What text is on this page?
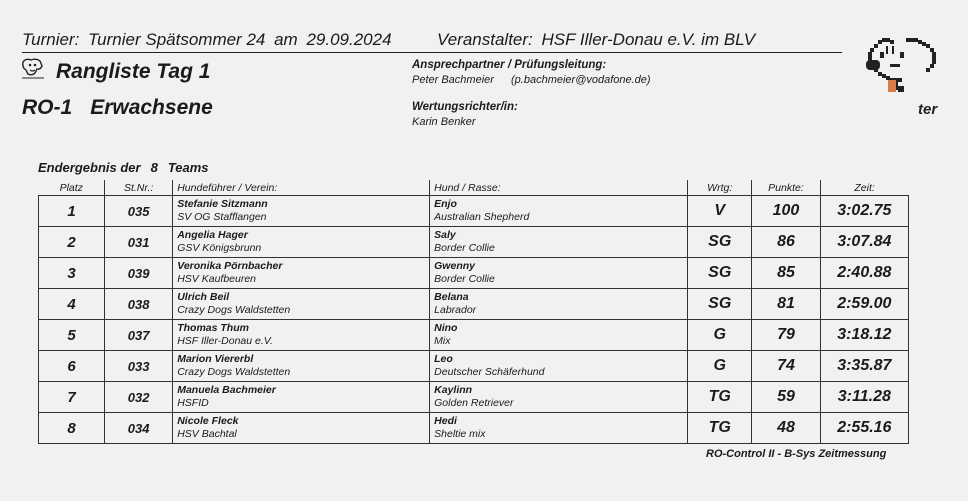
Turnier: Turnier Spätsommer 24 am 29.09.2024	Veranstalter: HSF Iller-Donau e.V. im BLV
Rangliste Tag 1
RO-1 Erwachsene
Ansprechpartner / Prüfungsleitung:
Peter Bachmeier (p.bachmeier@vodafone.de)
Wertungsrichter/in:
Karin Benker
ter
Endergebnis der 8 Teams
Platz	St.Nr.:	Hundeführer / Verein:	Hund / Rasse:	Wrtg:	Punkte:	Zeit:
1	035	Stefanie Sitzmann
SV OG Stafflangen	Enjo
Australian Shepherd	V	100	3:02.75
2	031	Angelia Hager
GSV Königsbrunn	Saly
Border Collie	SG	86	3:07.84
3	039	Veronika Pörnbacher
HSV Kaufbeuren	Gwenny
Border Collie	SG	85	2:40.88
4	038	Ulrich Beil
Crazy Dogs Waldstetten	Belana
Labrador	SG	81	2:59.00
5	037	Thomas Thum
HSF Iller-Donau e.V.	Nino
Mix	G	79	3:18.12
6	033	Marion Viererbl
Crazy Dogs Waldstetten	Leo
Deutscher Schäferhund	G	74	3:35.87
7	032	Manuela Bachmeier
HSFID	Kaylinn
Golden Retriever	TG	59	3:11.28
8	034	Nicole Fleck
HSV Bachtal	Hedi
Sheltie mix	TG	48	2:55.16
RO-Control II - B-Sys Zeitmessung
